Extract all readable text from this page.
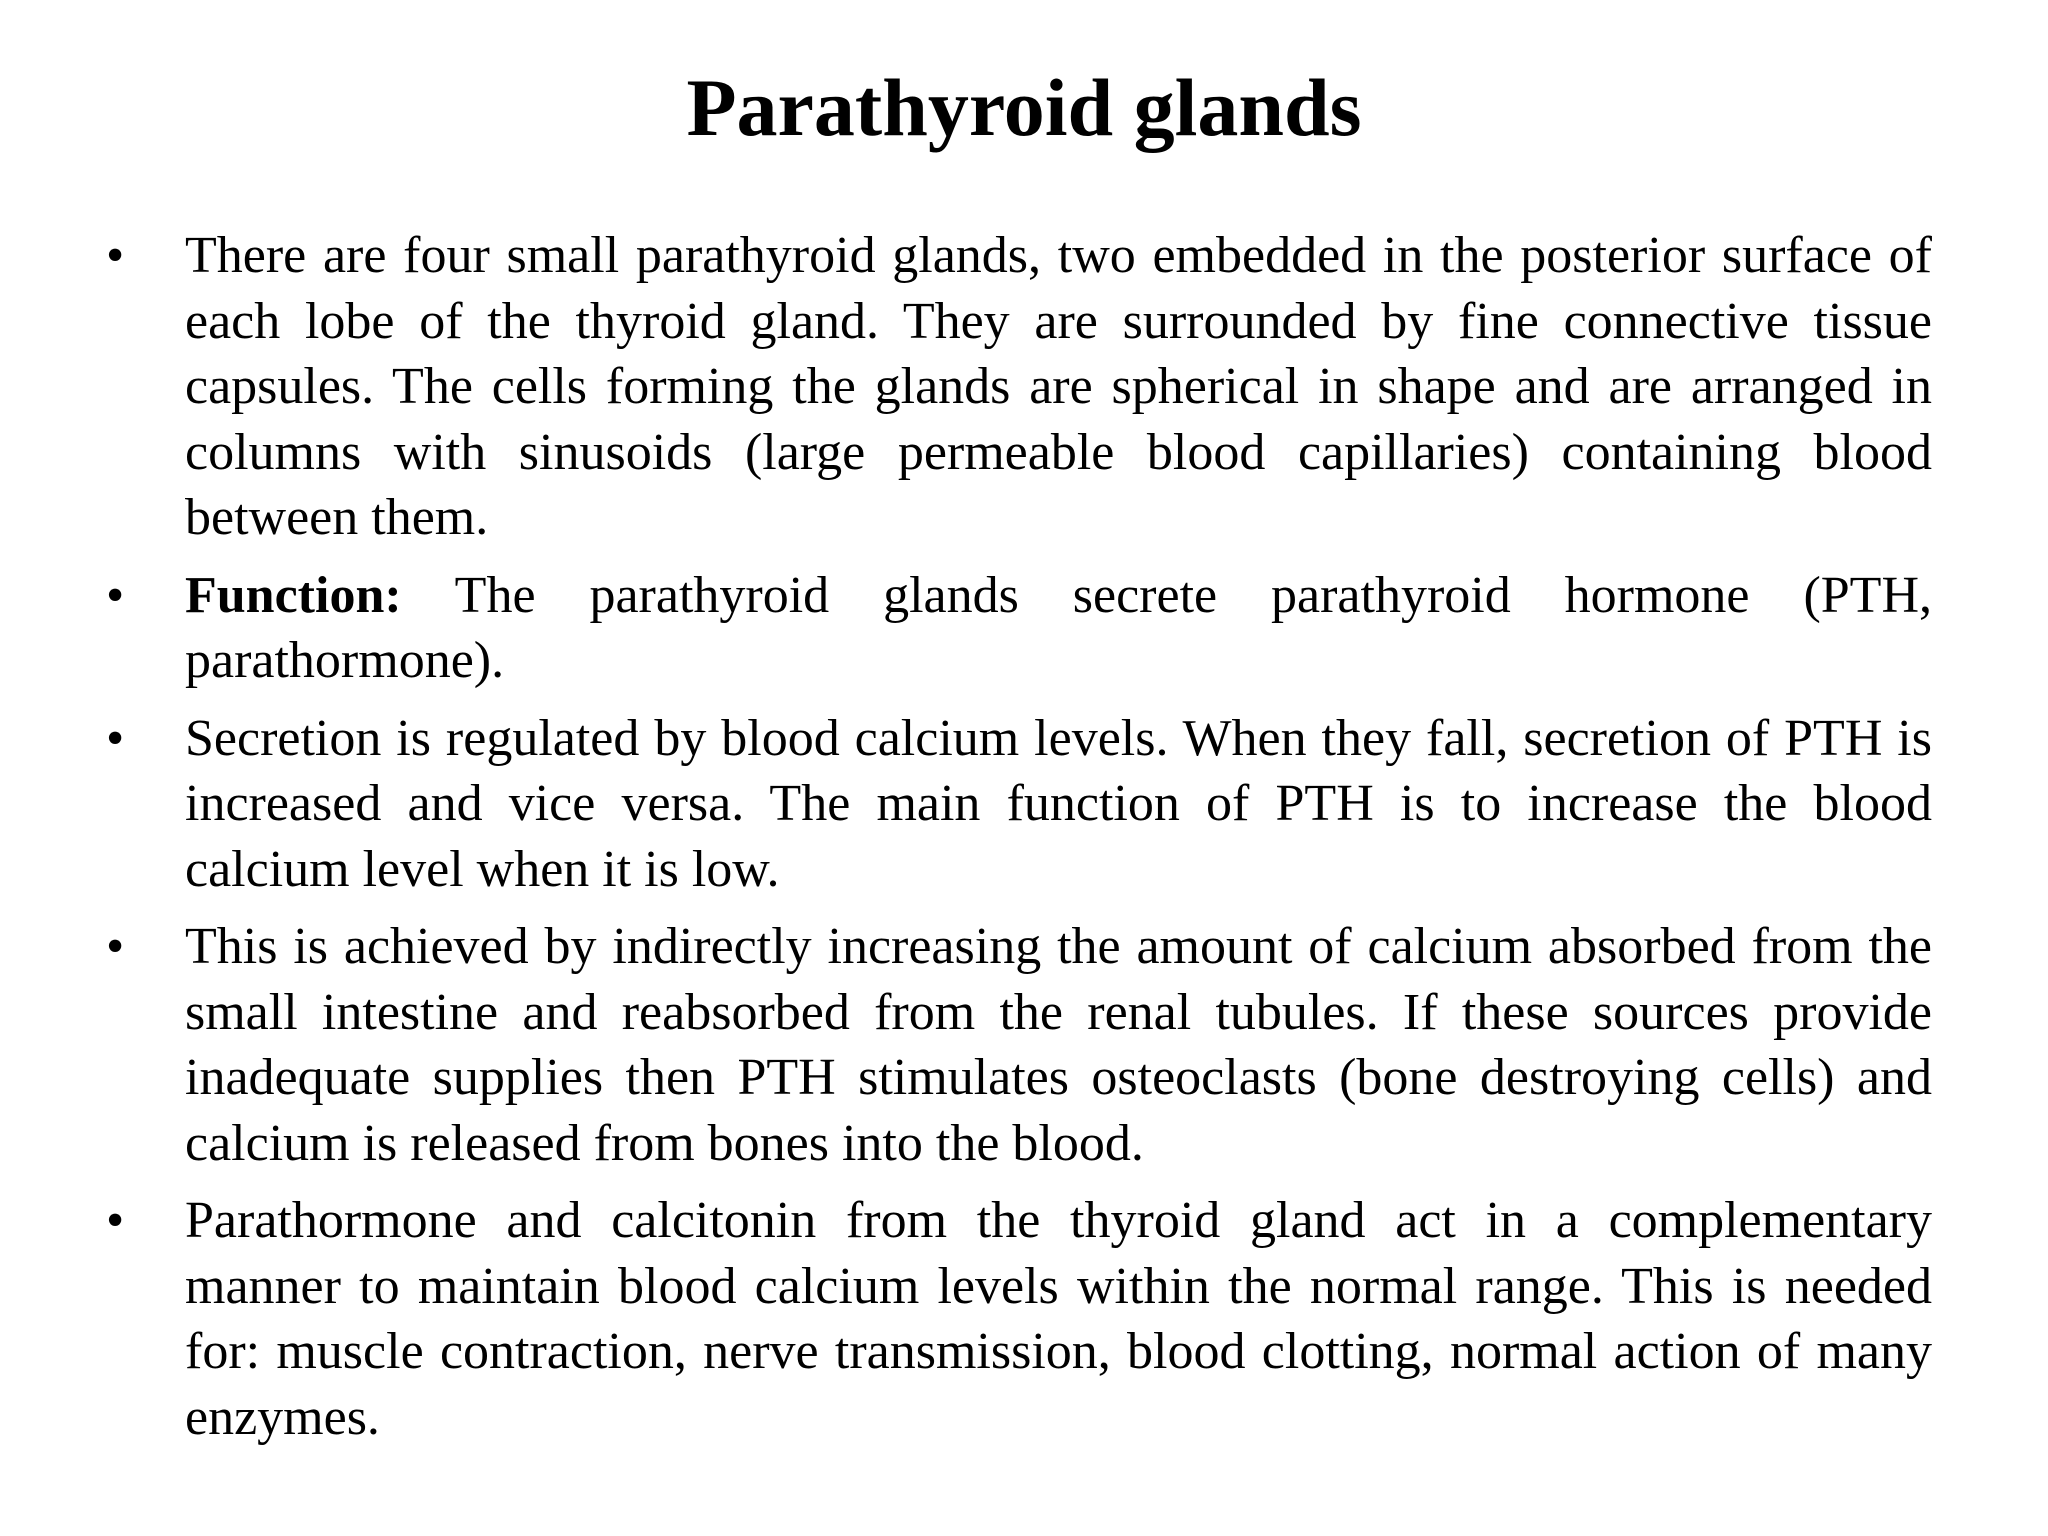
Parathyroid glands
•	There are four small parathyroid glands, two embedded in the posterior surface of each lobe of the thyroid gland. They are surrounded by fine connective tissue capsules. The cells forming the glands are spherical in shape and are arranged in columns with sinusoids (large permeable blood capillaries) containing blood between them.
•	Function: The parathyroid glands secrete parathyroid hormone (PTH, parathormone).
•	Secretion is regulated by blood calcium levels. When they fall, secretion of PTH is increased and vice versa. The main function of PTH is to increase the blood calcium level when it is low.
•	This is achieved by indirectly increasing the amount of calcium absorbed from the small intestine and reabsorbed from the renal tubules. If these sources provide inadequate supplies then PTH stimulates osteoclasts (bone destroying cells) and calcium is released from bones into the blood.
•	Parathormone and calcitonin from the thyroid gland act in a complementary manner to maintain blood calcium levels within the normal range. This is needed for: muscle contraction, nerve transmission, blood clotting, normal action of many enzymes.
